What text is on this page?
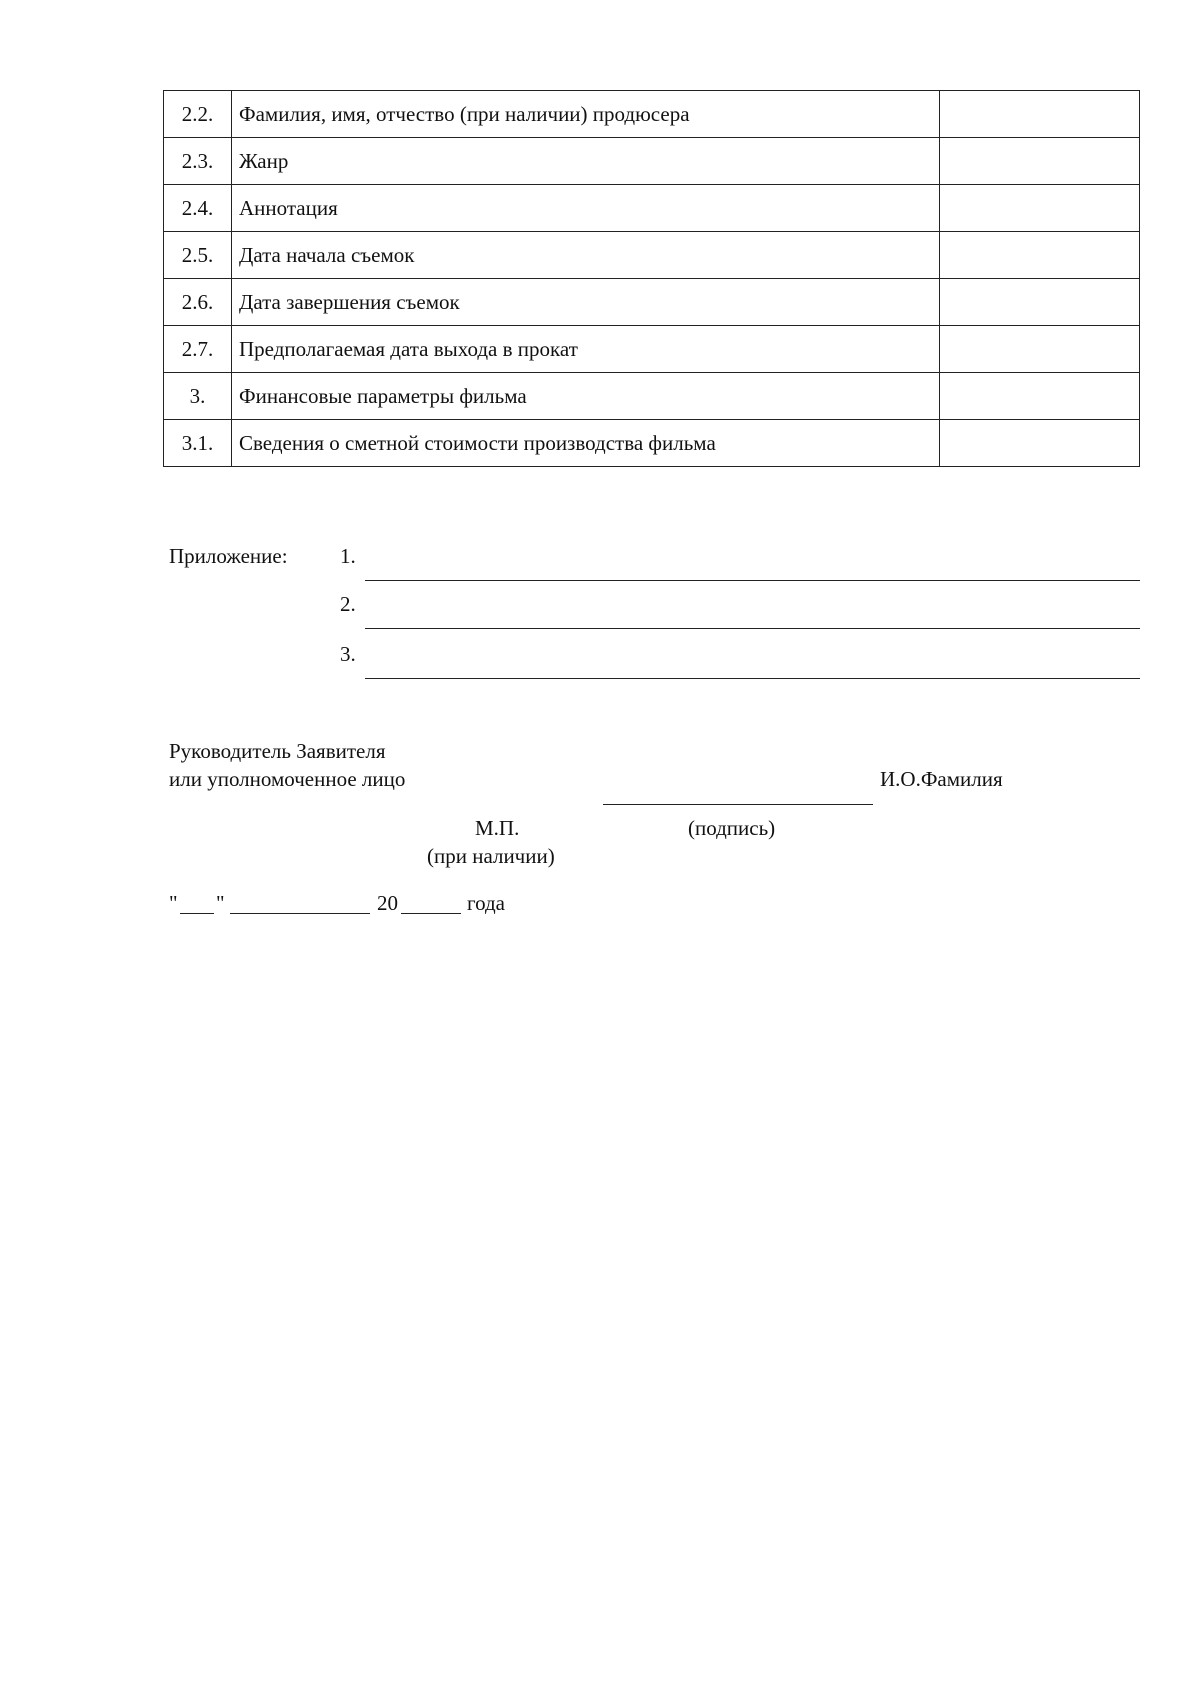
2.2.	Фамилия, имя, отчество (при наличии) продюсера	
2.3.	Жанр	
2.4.	Аннотация	
2.5.	Дата начала съемок	
2.6.	Дата завершения съемок	
2.7.	Предполагаемая дата выхода в прокат	
3.	Финансовые параметры фильма	
3.1.	Сведения о сметной стоимости производства фильма	
Приложение: 1.
2.
3.
Руководитель Заявителя
или уполномоченное лицо	И.О.Фамилия
М.П.
(при наличии)
(подпись)
" "	20	года
